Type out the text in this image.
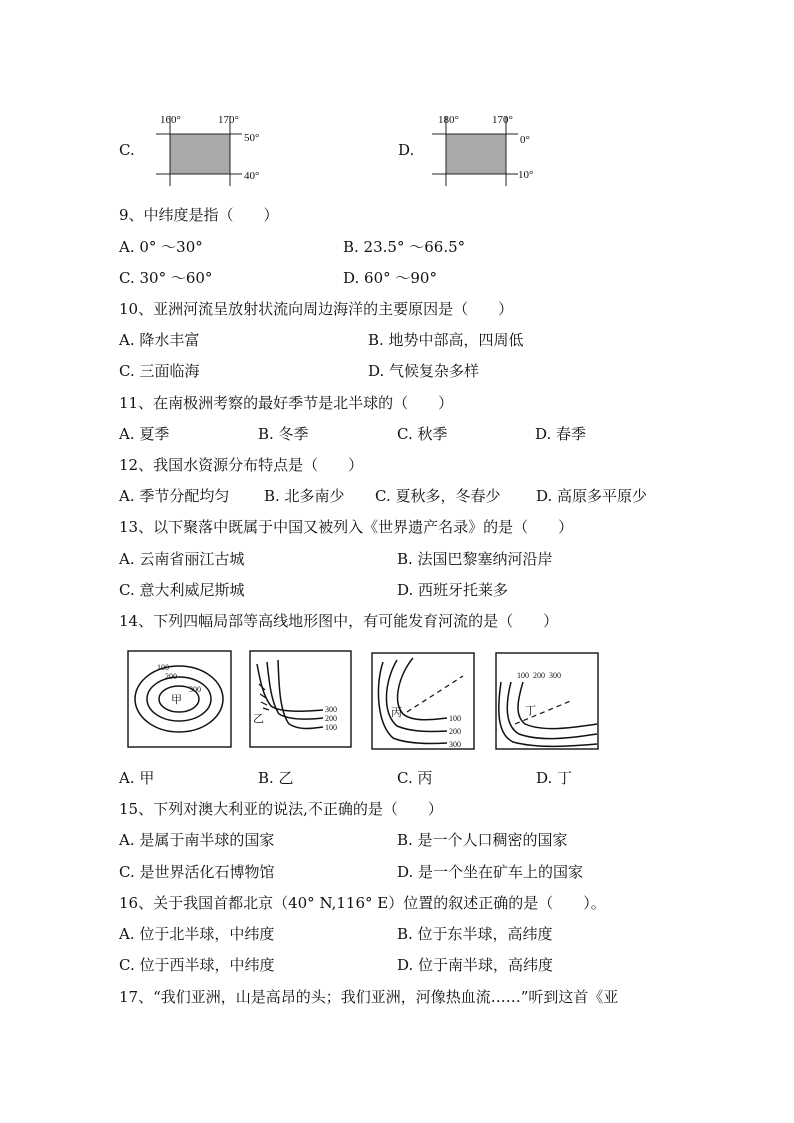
C.
160°	170°
50°
40°
D.
180°	170°
0°
10°
9、中纬度是指（　　）
A. 0° ～30°	B. 23.5° ～66.5°
C. 30° ～60°	D. 60° ～90°
10、亚洲河流呈放射状流向周边海洋的主要原因是（　　）
A. 降水丰富	B. 地势中部高，四周低
C. 三面临海	D. 气候复杂多样
11、在南极洲考察的最好季节是北半球的（　　）
A. 夏季	B. 冬季	C. 秋季	D. 春季
12、我国水资源分布特点是（　　）
A. 季节分配均匀 B. 北多南少 C. 夏秋多，冬春少 D. 高原多平原少
13、以下聚落中既属于中国又被列入《世界遗产名录》的是（　　）
A. 云南省丽江古城	B. 法国巴黎塞纳河沿岸
C. 意大利威尼斯城	D. 西班牙托莱多
14、下列四幅局部等高线地形图中，有可能发育河流的是（　　）
100
200
300
甲
乙
300
200
100
丙	100
200
300
100 200 300
丁
A. 甲	B. 乙	C. 丙	D. 丁
15、下列对澳大利亚的说法,不正确的是（　　）
A. 是属于南半球的国家	B. 是一个人口稠密的国家
C. 是世界活化石博物馆	D. 是一个坐在矿车上的国家
16、关于我国首都北京（40° N,116° E）位置的叙述正确的是（　　）。
A. 位于北半球，中纬度	B. 位于东半球，高纬度
C. 位于西半球，中纬度	D. 位于南半球，高纬度
17、“我们亚洲，山是高昂的头；我们亚洲，河像热血流……”听到这首《亚
